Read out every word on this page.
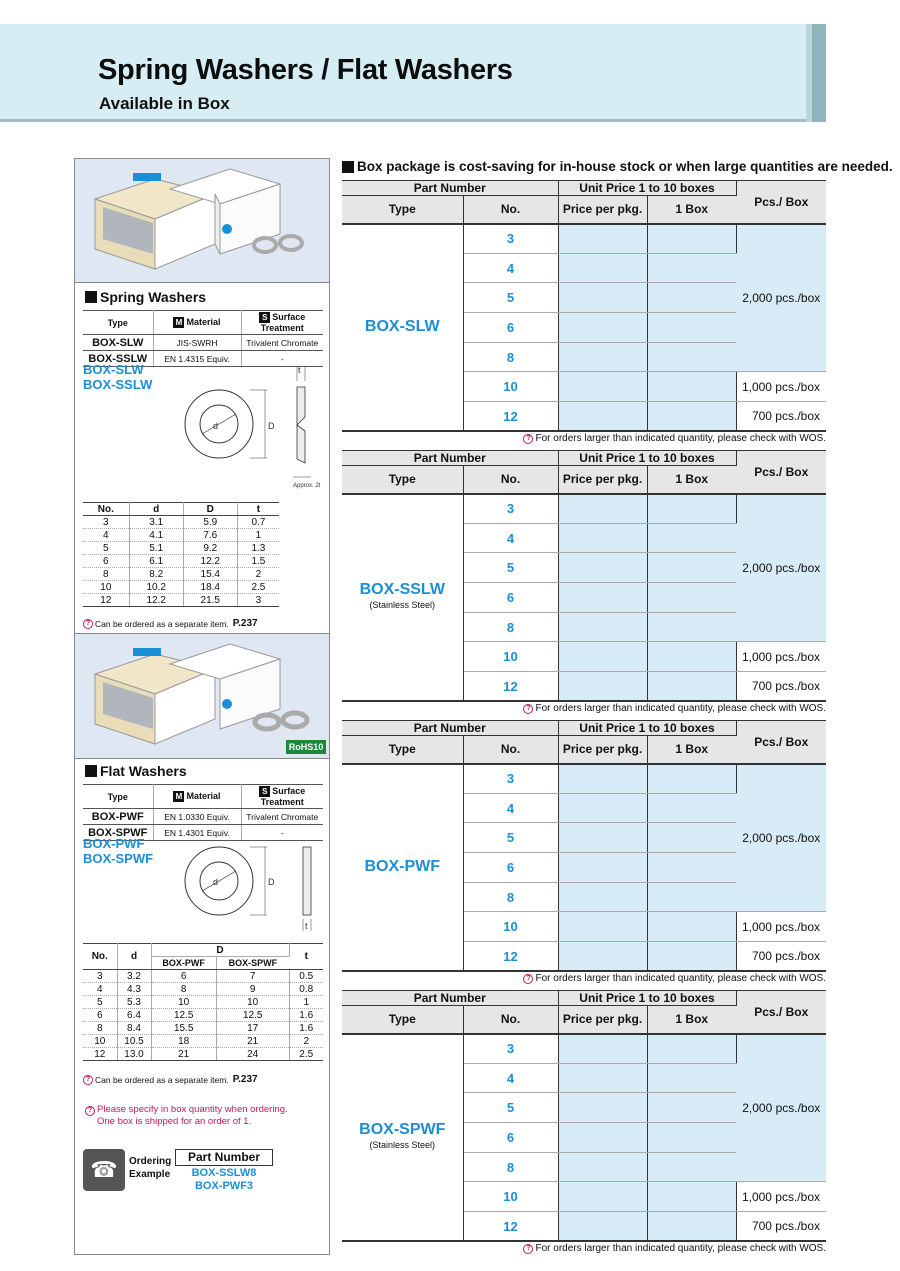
Spring Washers / Flat Washers
Available in Box
Spring Washers
Type	M Material	S Surface Treatment
BOX-SLW	JIS-SWRH	Trivalent Chromate
BOX-SSLW	EN 1.4315 Equiv.	-
BOX-SLW
BOX-SSLW
d	D
t
Approx. 2t
No.	d	D	t
3	3.1	5.9	0.7
4	4.1	7.6	1
5	5.1	9.2	1.3
6	6.1	12.2	1.5
8	8.2	15.4	2
10	10.2	18.4	2.5
12	12.2	21.5	3
? Can be ordered as a separate item. P.237
RoHS10
Flat Washers
Type	M Material	S Surface Treatment
BOX-PWF	EN 1.0330 Equiv.	Trivalent Chromate
BOX-SPWF	EN 1.4301 Equiv.	-
BOX-PWF
BOX-SPWF
d	D
t
No.	d	D		t
		BOX-PWF	BOX-SPWF	
3	3.2	6	7	0.5
4	4.3	8	9	0.8
5	5.3	10	10	1
6	6.4	12.5	12.5	1.6
8	8.4	15.5	17	1.6
10	10.5	18	21	2
12	13.0	21	24	2.5
? Can be ordered as a separate item. P.237
? Please specify in box quantity when ordering.
One box is shipped for an order of 1.
☎	Ordering Example
Part Number
BOX-SSLW8
BOX-PWF3
Box package is cost-saving for in-house stock or when large quantities are needed.
Part Number		Unit Price 1 to 10 boxes		Pcs./ Box
Type	No.	Price per pkg.	1 Box	
BOX-SLW	3			2,000 pcs./box
	4			
	5			
	6			
	8			
	10			1,000 pcs./box
	12			700 pcs./box
? For orders larger than indicated quantity, please check with WOS.
Part Number		Unit Price 1 to 10 boxes		Pcs./ Box
Type	No.	Price per pkg.	1 Box	
BOX-SSLW
(Stainless Steel)	3			2,000 pcs./box
	4			
	5			
	6			
	8			
	10			1,000 pcs./box
	12			700 pcs./box
? For orders larger than indicated quantity, please check with WOS.
Part Number		Unit Price 1 to 10 boxes		Pcs./ Box
Type	No.	Price per pkg.	1 Box	
BOX-PWF	3			2,000 pcs./box
	4			
	5			
	6			
	8			
	10			1,000 pcs./box
	12			700 pcs./box
? For orders larger than indicated quantity, please check with WOS.
Part Number		Unit Price 1 to 10 boxes		Pcs./ Box
Type	No.	Price per pkg.	1 Box	
BOX-SPWF
(Stainless Steel)	3			2,000 pcs./box
	4			
	5			
	6			
	8			
	10			1,000 pcs./box
	12			700 pcs./box
? For orders larger than indicated quantity, please check with WOS.
